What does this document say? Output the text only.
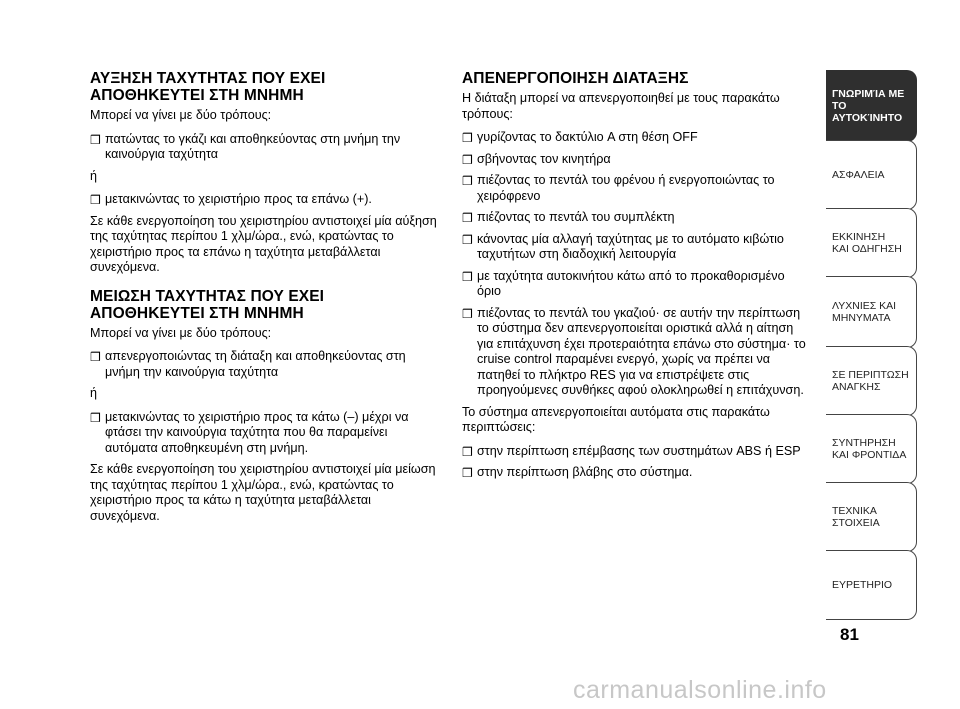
ΑΥΞΗΣΗ ΤΑΧΥΤΗΤΑΣ ΠΟΥ ΕΧΕΙ
ΑΠΟΘΗΚΕΥΤΕΙ ΣΤΗ ΜΝΗΜΗ

Μπορεί να γίνει με δύο τρόπους:

❒ πατώντας το γκάζι και αποθηκεύοντας στη μνήμη την καινούργια ταχύτητα

ή

❒ μετακινώντας το χειριστήριο προς τα επάνω (+).

Σε κάθε ενεργοποίηση του χειριστηρίου αντιστοιχεί μία αύξηση της ταχύτητας περίπου 1 χλμ/ώρα., ενώ, κρατώντας το χειριστήριο προς τα επάνω η ταχύτητα μεταβάλλεται συνεχόμενα.

ΜΕΙΩΣΗ ΤΑΧΥΤΗΤΑΣ ΠΟΥ ΕΧΕΙ ΑΠΟΘΗΚΕΥΤΕΙ ΣΤΗ ΜΝΗΜΗ

Μπορεί να γίνει με δύο τρόπους:

❒ απενεργοποιώντας τη διάταξη και αποθηκεύοντας στη μνήμη την καινούργια ταχύτητα

ή

❒ μετακινώντας το χειριστήριο προς τα κάτω (–) μέχρι να φτάσει την καινούργια ταχύτητα που θα παραμείνει αυτόματα αποθηκευμένη στη μνήμη.

Σε κάθε ενεργοποίηση του χειριστηρίου αντιστοιχεί μία μείωση της ταχύτητας περίπου 1 χλμ/ώρα., ενώ, κρατώντας το χειριστήριο προς τα κάτω η ταχύτητα μεταβάλλεται συνεχόμενα.

ΑΠΕΝΕΡΓΟΠΟΙΗΣΗ ΔΙΑΤΑΞΗΣ

Η διάταξη μπορεί να απενεργοποιηθεί με τους παρακάτω τρόπους:

❒ γυρίζοντας το δακτύλιο A στη θέση OFF
❒ σβήνοντας τον κινητήρα
❒ πιέζοντας το πεντάλ του φρένου ή ενεργοποιώντας το χειρόφρενο
❒ πιέζοντας το πεντάλ του συμπλέκτη
❒ κάνοντας μία αλλαγή ταχύτητας με το αυτόματο κιβώτιο ταχυτήτων στη διαδοχική λειτουργία
❒ με ταχύτητα αυτοκινήτου κάτω από το προκαθορισμένο όριο
❒ πιέζοντας το πεντάλ του γκαζιού· σε αυτήν την περίπτωση το σύστημα δεν απενεργοποιείται οριστικά αλλά η αίτηση για επιτάχυνση έχει προτεραιότητα επάνω στο σύστημα· το cruise control παραμένει ενεργό, χωρίς να πρέπει να πατηθεί το πλήκτρο RES για να επιστρέψετε στις προηγούμενες συνθήκες αφού ολοκληρωθεί η επιτάχυνση.

Το σύστημα απενεργοποιείται αυτόματα στις παρακάτω περιπτώσεις:

❒ στην περίπτωση επέμβασης των συστημάτων ABS ή ESP
❒ στην περίπτωση βλάβης στο σύστημα.
ΓΝΩΡΙΜΊΑ ΜΕ
ΤΟ ΑΥΤΟΚΊΝΗΤΟ
ΑΣΦΑΛΕΙΑ
ΕΚΚΙΝΗΣΗ
ΚΑΙ ΟΔΗΓΗΣΗ
ΛΥΧΝΙΕΣ ΚΑΙ
ΜΗΝΥΜΑΤΑ
ΣΕ ΠΕΡΙΠΤΩΣΗ
ΑΝΑΓΚΗΣ
ΣΥΝΤΗΡΗΣΗ
ΚΑΙ ΦΡΟΝΤΙΔΑ
ΤΕΧΝΙΚΑ
ΣΤΟΙΧΕΙΑ
ΕΥΡΕΤΗΡΙΟ
81
carmanualsonline.info
